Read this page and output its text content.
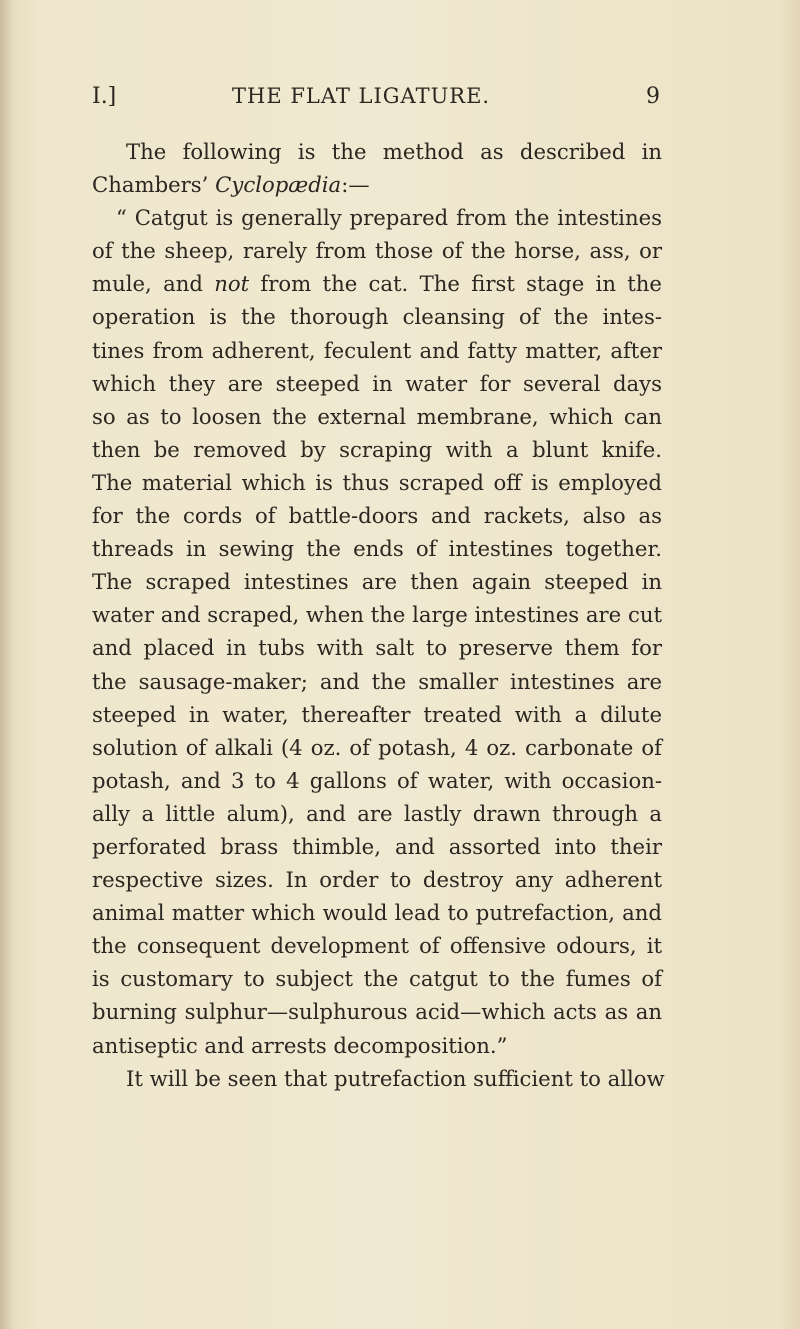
I.]	THE FLAT LIGATURE.	9
The following is the method as described in
Chambers’ Cyclopædia:—
“ Catgut is generally prepared from the intestines
of the sheep, rarely from those of the horse, ass, or
mule, and not from the cat. The first stage in the
operation is the thorough cleansing of the intes-
tines from adherent, feculent and fatty matter, after
which they are steeped in water for several days
so as to loosen the external membrane, which can
then be removed by scraping with a blunt knife.
The material which is thus scraped off is employed
for the cords of battle-doors and rackets, also as
threads in sewing the ends of intestines together.
The scraped intestines are then again steeped in
water and scraped, when the large intestines are cut
and placed in tubs with salt to preserve them for
the sausage-maker; and the smaller intestines are
steeped in water, thereafter treated with a dilute
solution of alkali (4 oz. of potash, 4 oz. carbonate of
potash, and 3 to 4 gallons of water, with occasion-
ally a little alum), and are lastly drawn through a
perforated brass thimble, and assorted into their
respective sizes. In order to destroy any adherent
animal matter which would lead to putrefaction, and
the consequent development of offensive odours, it
is customary to subject the catgut to the fumes of
burning sulphur—sulphurous acid—which acts as an
antiseptic and arrests decomposition.”
It will be seen that putrefaction sufficient to allow
